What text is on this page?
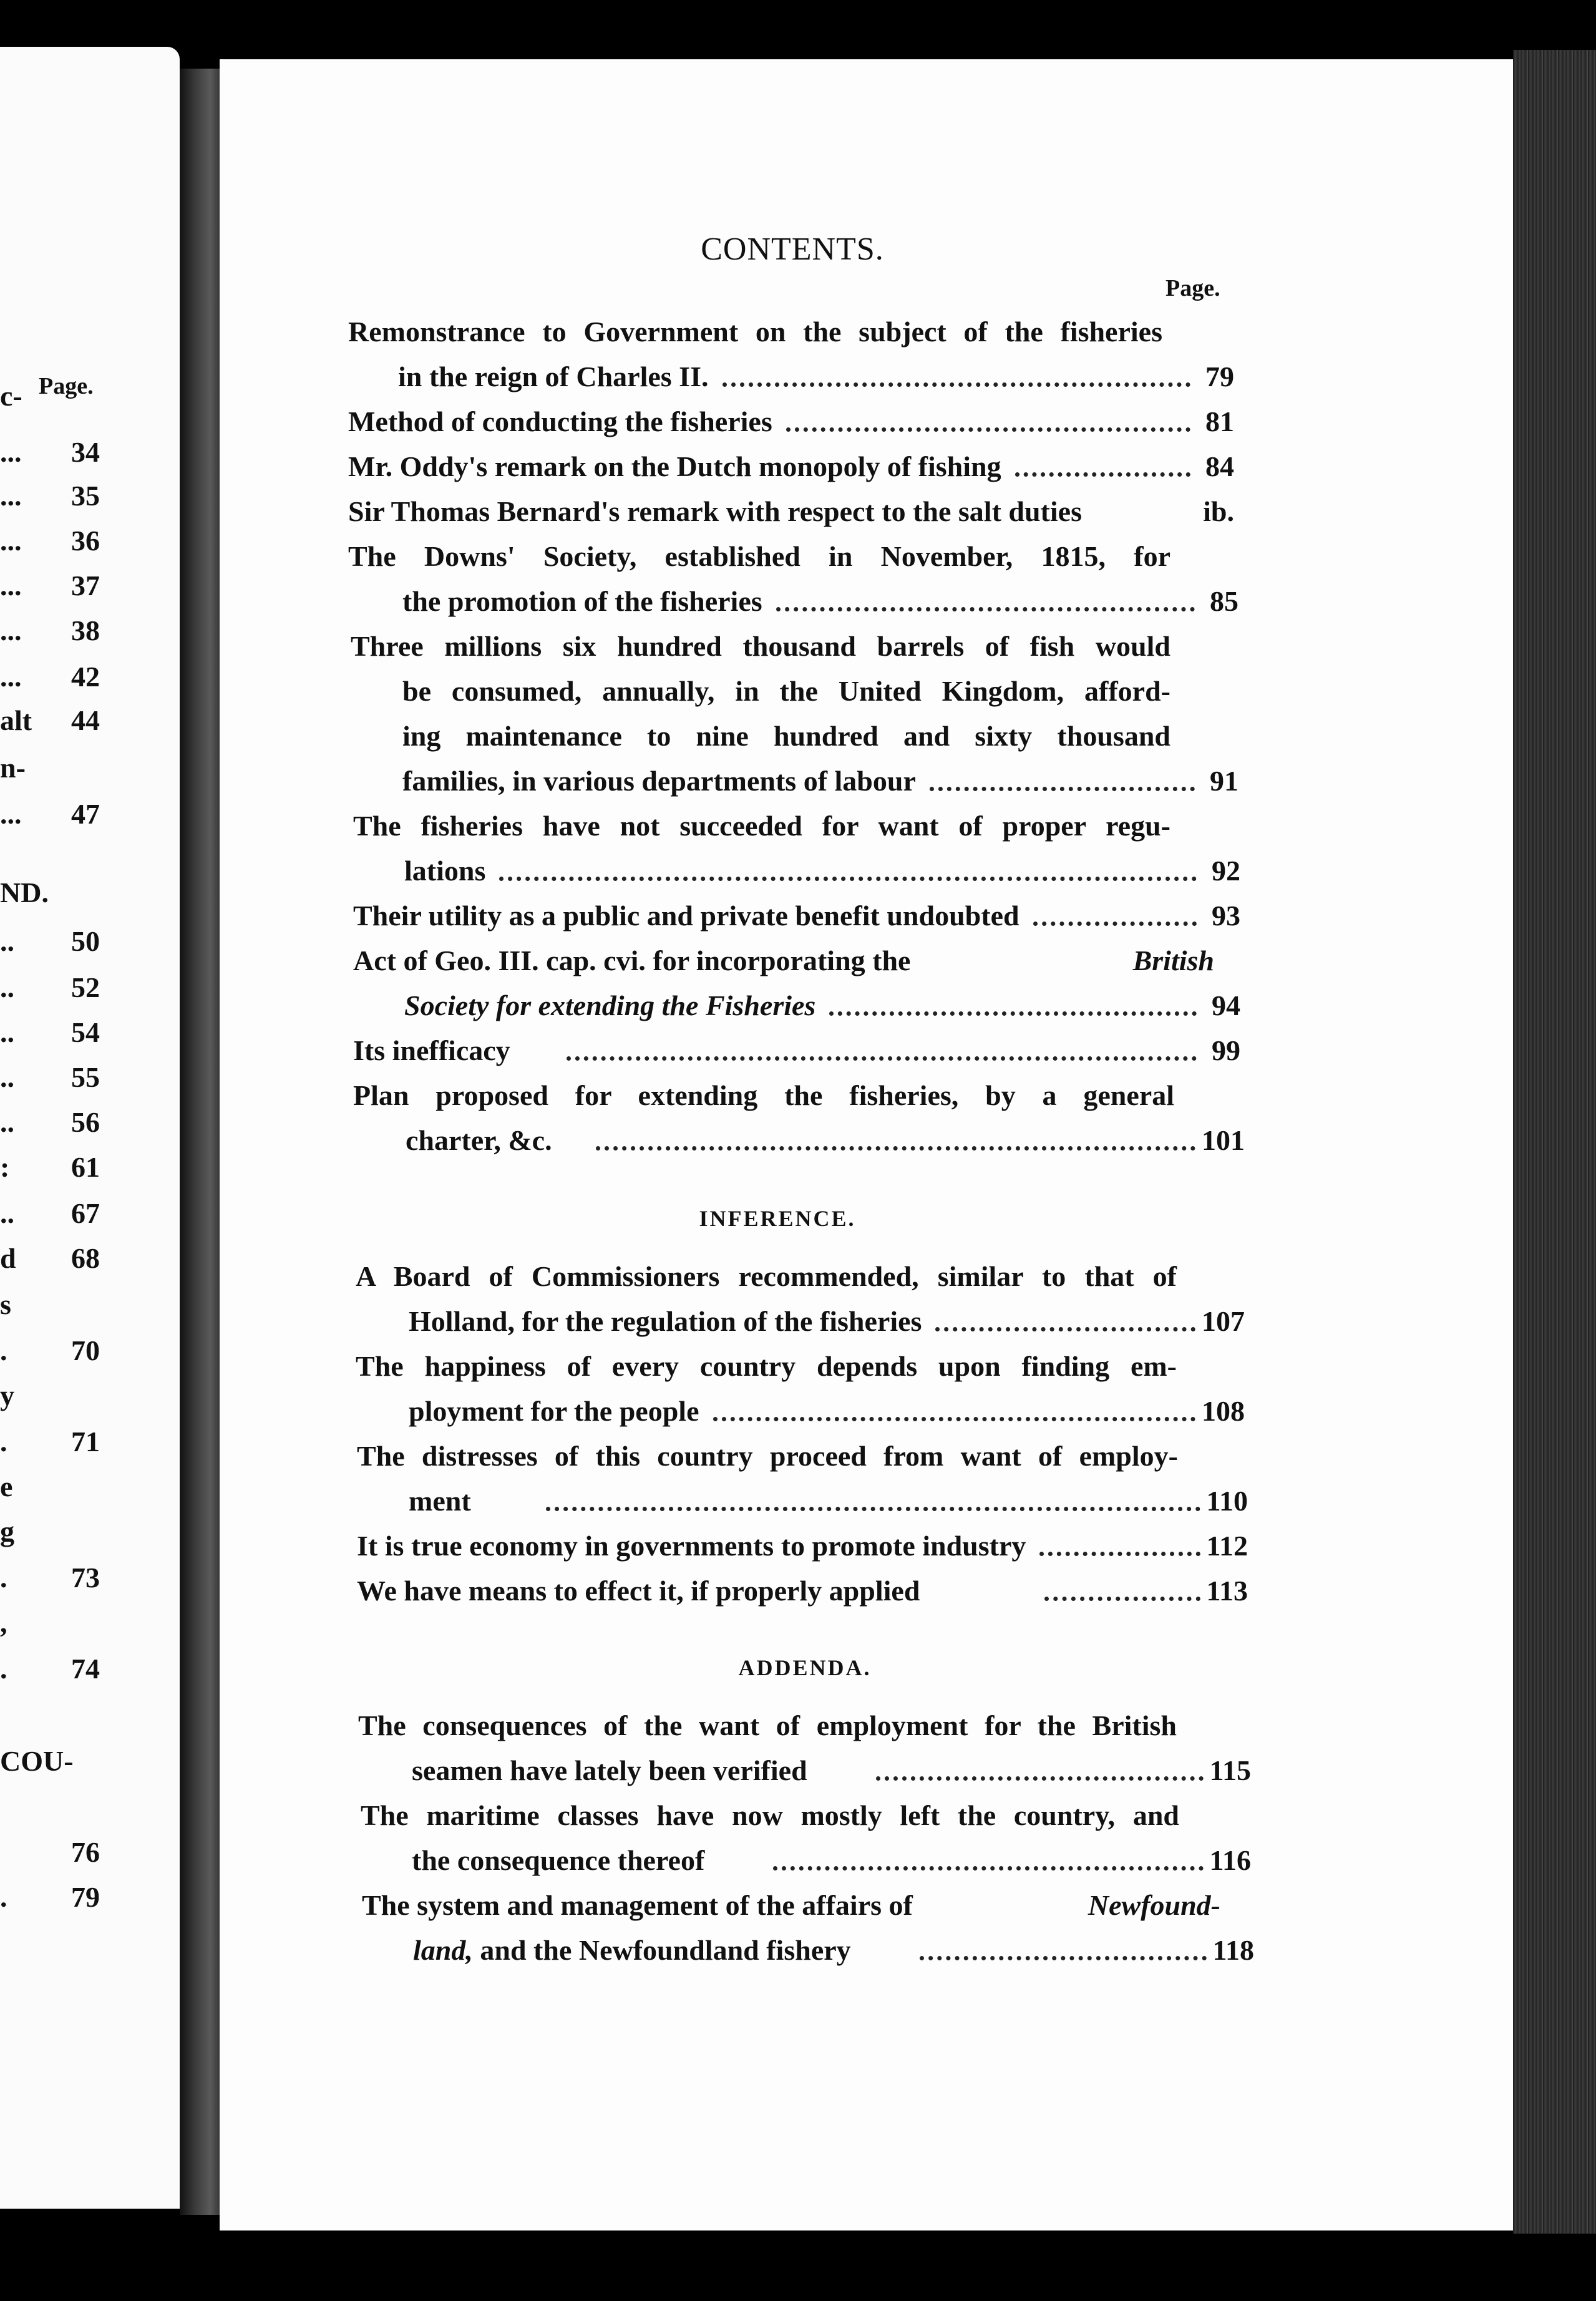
Page.
c-
... 34
... 35
... 36
... 37
... 38
... 42
alt 44
n-
... 47
ND.
.. 50
.. 52
.. 54
.. 55
.. 56
: 61
.. 67
d 68
s
. 70
y
. 71
e
g
. 73
,
. 74
COU-
76
. 79
CONTENTS.
Page.
Remonstrance to Government on the subject of the fisheries
in the reign of Charles II.	79
Method of conducting the fisheries	81
Mr. Oddy's remark on the Dutch monopoly of fishing	84
Sir Thomas Bernard's remark with respect to the salt duties	ib.
The Downs' Society, established in November, 1815, for
the promotion of the fisheries	85
Three millions six hundred thousand barrels of fish would
be consumed, annually, in the United Kingdom, afford-
ing maintenance to nine hundred and sixty thousand
families, in various departments of labour	91
The fisheries have not succeeded for want of proper regu-
lations	92
Their utility as a public and private benefit undoubted	93
Act of Geo. III. cap. cvi. for incorporating the	British
Society for extending the Fisheries	94
Its inefficacy	99
Plan proposed for extending the fisheries, by a general
charter, &c.	101
INFERENCE.
A Board of Commissioners recommended, similar to that of
Holland, for the regulation of the fisheries	107
The happiness of every country depends upon finding em-
ployment for the people	108
The distresses of this country proceed from want of employ-
ment	110
It is true economy in governments to promote industry	112
We have means to effect it, if properly applied	113
ADDENDA.
The consequences of the want of employment for the British
seamen have lately been verified	115
The maritime classes have now mostly left the country, and
the consequence thereof	116
The system and management of the affairs of	Newfound-
land, and the Newfoundland fishery	118
